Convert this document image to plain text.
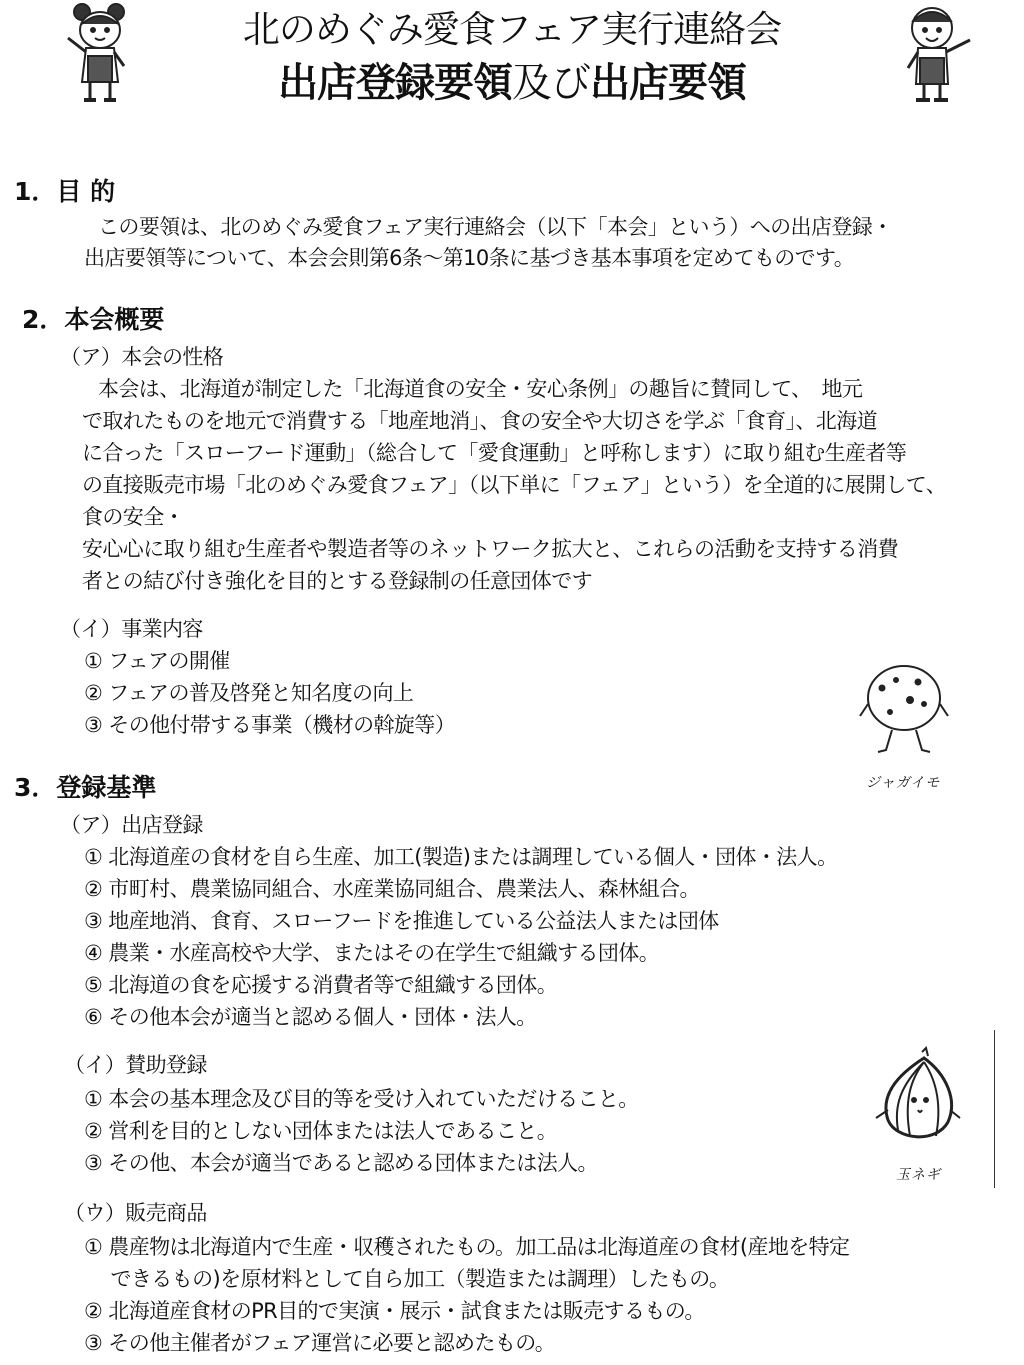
北のめぐみ愛食フェア実行連絡会
出店登録要領及び出店要領
1．目 的
この要領は、北のめぐみ愛食フェア実行連絡会（以下「本会」という）への出店登録・
出店要領等について、本会会則第6条～第10条に基づき基本事項を定めてものです。
2．本会概要
（ア）本会の性格
本会は、北海道が制定した「北海道食の安全・安心条例」の趣旨に賛同して、　地元
で取れたものを地元で消費する「地産地消」、食の安全や大切さを学ぶ「食育」、北海道
に合った「スローフード運動」（総合して「愛食運動」と呼称します）に取り組む生産者等
の直接販売市場「北のめぐみ愛食フェア」（以下単に「フェア」という）を全道的に展開して、
食の安全・
安心心に取り組む生産者や製造者等のネットワーク拡大と、これらの活動を支持する消費
者との結び付き強化を目的とする登録制の任意団体です
（イ）事業内容
① フェアの開催
② フェアの普及啓発と知名度の向上
③ その他付帯する事業（機材の斡旋等）
ジャガイモ
3．登録基準
（ア）出店登録
① 北海道産の食材を自ら生産、加工(製造)または調理している個人・団体・法人。
② 市町村、農業協同組合、水産業協同組合、農業法人、森林組合。
③ 地産地消、食育、スローフードを推進している公益法人または団体
④ 農業・水産高校や大学、またはその在学生で組織する団体。
⑤ 北海道の食を応援する消費者等で組織する団体。
⑥ その他本会が適当と認める個人・団体・法人。
（イ）賛助登録
① 本会の基本理念及び目的等を受け入れていただけること。
② 営利を目的としない団体または法人であること。
③ その他、本会が適当であると認める団体または法人。	玉ネギ
（ウ）販売商品
① 農産物は北海道内で生産・収穫されたもの。加工品は北海道産の食材(産地を特定
　 できるもの)を原材料として自ら加工（製造または調理）したもの。
② 北海道産食材のPR目的で実演・展示・試食または販売するもの。
③ その他主催者がフェア運営に必要と認めたもの。
